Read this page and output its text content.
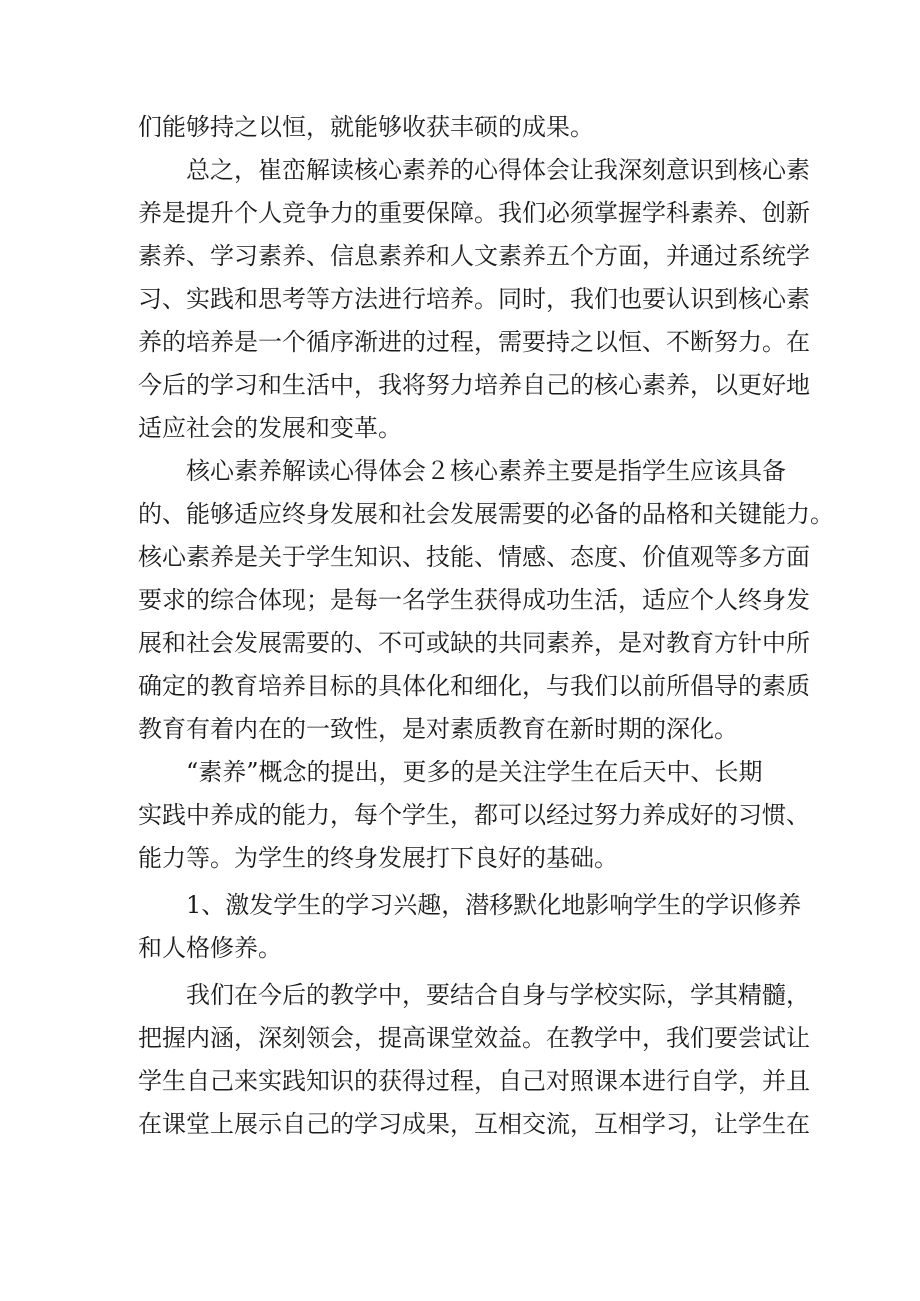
们能够持之以恒，就能够收获丰硕的成果。
总之，崔峦解读核心素养的心得体会让我深刻意识到核心素
养是提升个人竞争力的重要保障。我们必须掌握学科素养、创新
素养、学习素养、信息素养和人文素养五个方面，并通过系统学
习、实践和思考等方法进行培养。同时，我们也要认识到核心素
养的培养是一个循序渐进的过程，需要持之以恒、不断努力。在
今后的学习和生活中，我将努力培养自己的核心素养，以更好地
适应社会的发展和变革。
核心素养解读心得体会２核心素养主要是指学生应该具备
的、能够适应终身发展和社会发展需要的必备的品格和关键能力。
核心素养是关于学生知识、技能、情感、态度、价值观等多方面
要求的综合体现；是每一名学生获得成功生活，适应个人终身发
展和社会发展需要的、不可或缺的共同素养，是对教育方针中所
确定的教育培养目标的具体化和细化，与我们以前所倡导的素质
教育有着内在的一致性，是对素质教育在新时期的深化。
“素养”概念的提出，更多的是关注学生在后天中、长期
实践中养成的能力，每个学生，都可以经过努力养成好的习惯、
能力等。为学生的终身发展打下良好的基础。
1、激发学生的学习兴趣，潜移默化地影响学生的学识修养
和人格修养。
我们在今后的教学中，要结合自身与学校实际，学其精髓，
把握内涵，深刻领会，提高课堂效益。在教学中，我们要尝试让
学生自己来实践知识的获得过程，自己对照课本进行自学，并且
在课堂上展示自己的学习成果，互相交流，互相学习，让学生在
